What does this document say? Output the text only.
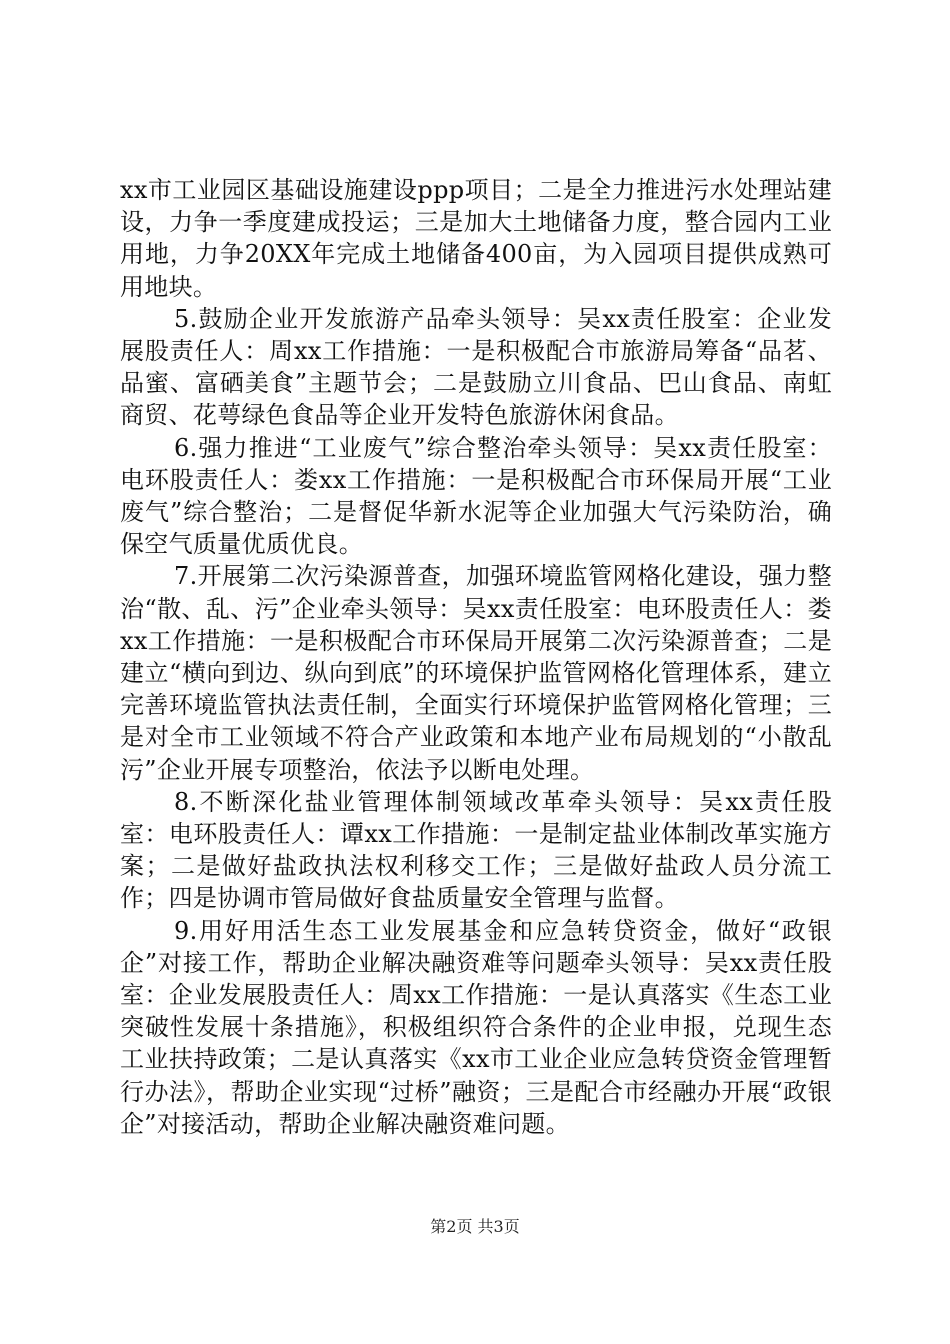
xx市工业园区基础设施建设ppp项目；二是全力推进污水处理站建设，力争一季度建成投运；三是加大土地储备力度，整合园内工业用地，力争20XX年完成土地储备400亩，为入园项目提供成熟可用地块。

5.鼓励企业开发旅游产品牵头领导：吴xx责任股室：企业发展股责任人：周xx工作措施：一是积极配合市旅游局筹备“品茗、品蜜、富硒美食”主题节会；二是鼓励立川食品、巴山食品、南虹商贸、花萼绿色食品等企业开发特色旅游休闲食品。

6.强力推进“工业废气”综合整治牵头领导：吴xx责任股室：电环股责任人：娄xx工作措施：一是积极配合市环保局开展“工业废气”综合整治；二是督促华新水泥等企业加强大气污染防治，确保空气质量优质优良。

7.开展第二次污染源普查，加强环境监管网格化建设，强力整治“散、乱、污”企业牵头领导：吴xx责任股室：电环股责任人：娄xx工作措施：一是积极配合市环保局开展第二次污染源普查；二是建立“横向到边、纵向到底”的环境保护监管网格化管理体系，建立完善环境监管执法责任制，全面实行环境保护监管网格化管理；三是对全市工业领域不符合产业政策和本地产业布局规划的“小散乱污”企业开展专项整治，依法予以断电处理。

8.不断深化盐业管理体制领域改革牵头领导：吴xx责任股室：电环股责任人：谭xx工作措施：一是制定盐业体制改革实施方案；二是做好盐政执法权利移交工作；三是做好盐政人员分流工作；四是协调市管局做好食盐质量安全管理与监督。

9.用好用活生态工业发展基金和应急转贷资金，做好“政银企”对接工作，帮助企业解决融资难等问题牵头领导：吴xx责任股室：企业发展股责任人：周xx工作措施：一是认真落实《生态工业突破性发展十条措施》，积极组织符合条件的企业申报，兑现生态工业扶持政策；二是认真落实《xx市工业企业应急转贷资金管理暂行办法》，帮助企业实现“过桥”融资；三是配合市经融办开展“政银企”对接活动，帮助企业解决融资难问题。

第2页 共3页
